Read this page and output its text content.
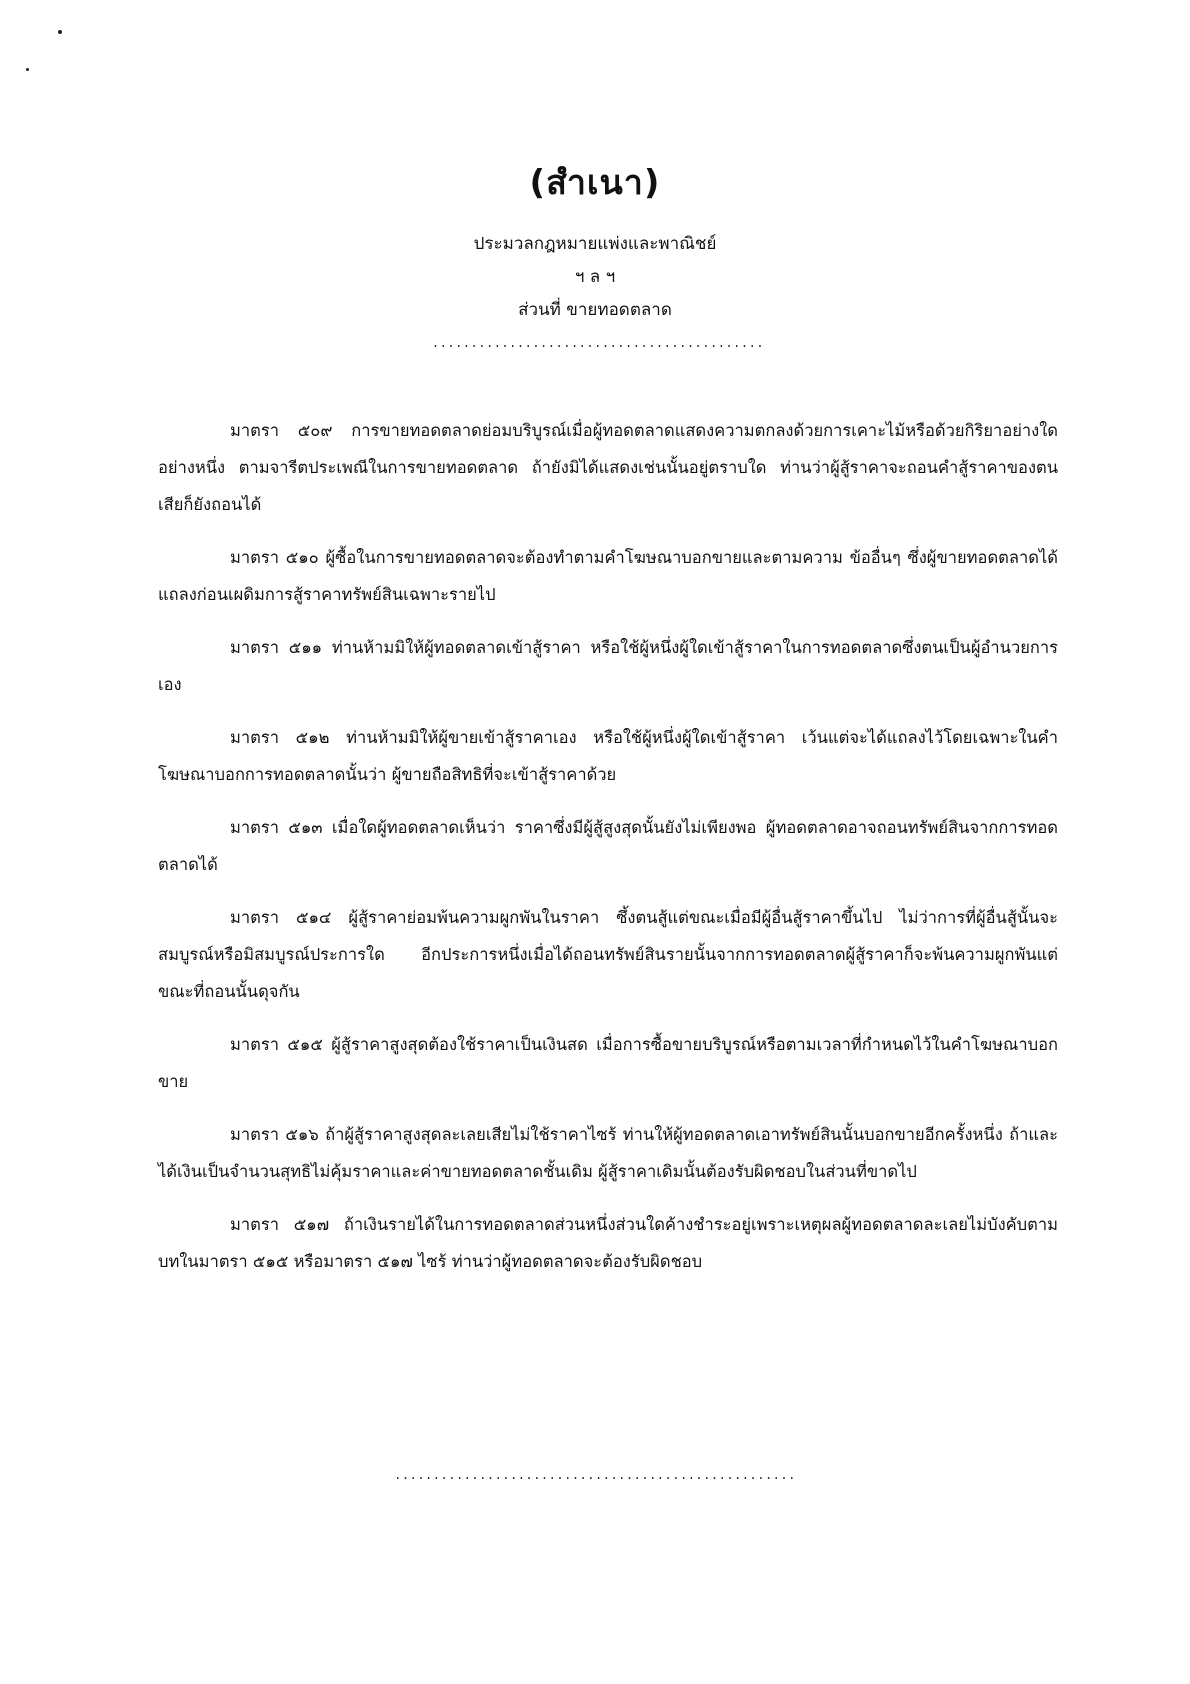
(สำเนา)
ประมวลกฎหมายแพ่งและพาณิชย์
ฯ ล ฯ
ส่วนที่ ขายทอดตลาด
...........................................

มาตรา ๕๐๙ การขายทอดตลาดย่อมบริบูรณ์เมื่อผู้ทอดตลาดแสดงความตกลงด้วยการเคาะไม้หรือด้วยกิริยาอย่างใดอย่างหนึ่ง ตามจารีตประเพณีในการขายทอดตลาด ถ้ายังมิได้แสดงเช่นนั้นอยู่ตราบใด ท่านว่าผู้สู้ราคาจะถอนคำสู้ราคาของตนเสียก็ยังถอนได้

มาตรา ๕๑๐ ผู้ซื้อในการขายทอดตลาดจะต้องทำตามคำโฆษณาบอกขายและตามความ ข้ออื่นๆ ซึ่งผู้ขายทอดตลาดได้แถลงก่อนเผดิมการสู้ราคาทรัพย์สินเฉพาะรายไป

มาตรา ๕๑๑ ท่านห้ามมิให้ผู้ทอดตลาดเข้าสู้ราคา หรือใช้ผู้หนึ่งผู้ใดเข้าสู้ราคาในการทอดตลาดซึ่งตนเป็นผู้อำนวยการเอง

มาตรา ๕๑๒ ท่านห้ามมิให้ผู้ขายเข้าสู้ราคาเอง หรือใช้ผู้หนึ่งผู้ใดเข้าสู้ราคา เว้นแต่จะได้แถลงไว้โดยเฉพาะในคำโฆษณาบอกการทอดตลาดนั้นว่า ผู้ขายถือสิทธิที่จะเข้าสู้ราคาด้วย

มาตรา ๕๑๓ เมื่อใดผู้ทอดตลาดเห็นว่า ราคาซึ่งมีผู้สู้สูงสุดนั้นยังไม่เพียงพอ ผู้ทอดตลาดอาจถอนทรัพย์สินจากการทอดตลาดได้

มาตรา ๕๑๔ ผู้สู้ราคาย่อมพ้นความผูกพันในราคา ซึ้งตนสู้แต่ขณะเมื่อมีผู้อื่นสู้ราคาขึ้นไป ไม่ว่าการที่ผู้อื่นสู้นั้นจะสมบูรณ์หรือมิสมบูรณ์ประการใด อีกประการหนึ่งเมื่อได้ถอนทรัพย์สินรายนั้นจากการทอดตลาดผู้สู้ราคาก็จะพ้นความผูกพันแต่ขณะที่ถอนนั้นดุจกัน

มาตรา ๕๑๕ ผู้สู้ราคาสูงสุดต้องใช้ราคาเป็นเงินสด เมื่อการซื้อขายบริบูรณ์หรือตามเวลาที่กำหนดไว้ในคำโฆษณาบอกขาย

มาตรา ๕๑๖ ถ้าผู้สู้ราคาสูงสุดละเลยเสียไม่ใช้ราคาไซร้ ท่านให้ผู้ทอดตลาดเอาทรัพย์สินนั้นบอกขายอีกครั้งหนึ่ง ถ้าและได้เงินเป็นจำนวนสุทธิไม่คุ้มราคาและค่าขายทอดตลาดชั้นเดิม ผู้สู้ราคาเดิมนั้นต้องรับผิดชอบในส่วนที่ขาดไป

มาตรา ๕๑๗ ถ้าเงินรายได้ในการทอดตลาดส่วนหนึ่งส่วนใดค้างชำระอยู่เพราะเหตุผลผู้ทอดตลาดละเลยไม่บังคับตามบทในมาตรา ๕๑๕ หรือมาตรา ๕๑๗ ไซร้ ท่านว่าผู้ทอดตลาดจะต้องรับผิดชอบ

....................................................
